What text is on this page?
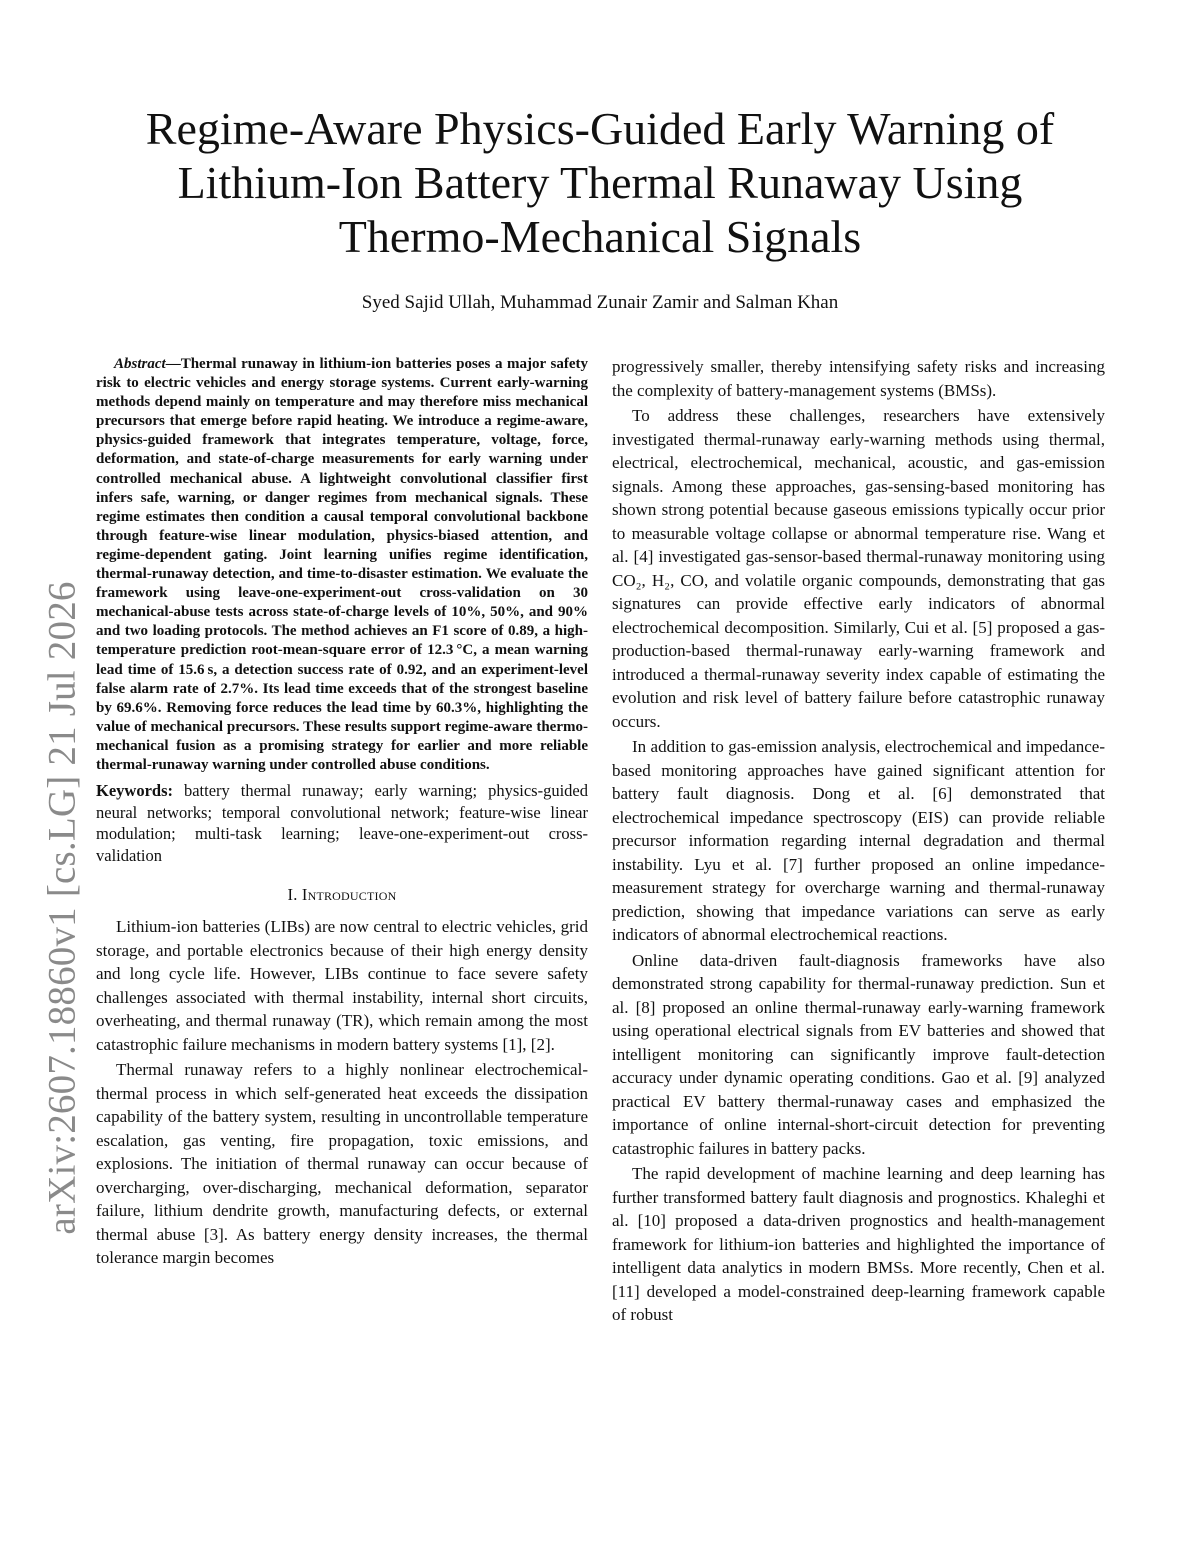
arXiv:2607.18860v1 [cs.LG] 21 Jul 2026
Regime-Aware Physics-Guided Early Warning of
Lithium-Ion Battery Thermal Runaway Using
Thermo-Mechanical Signals
Syed Sajid Ullah, Muhammad Zunair Zamir and Salman Khan

Abstract—Thermal runaway in lithium-ion batteries poses a major safety risk to electric vehicles and energy storage systems. Current early-warning methods depend mainly on temperature and may therefore miss mechanical precursors that emerge before rapid heating. We introduce a regime-aware, physics-guided framework that integrates temperature, voltage, force, deformation, and state-of-charge measurements for early warning under controlled mechanical abuse. A lightweight convolutional classifier first infers safe, warning, or danger regimes from mechanical signals. These regime estimates then condition a causal temporal convolutional backbone through feature-wise linear modulation, physics-biased attention, and regime-dependent gating. Joint learning unifies regime identification, thermal-runaway detection, and time-to-disaster estimation. We evaluate the framework using leave-one-experiment-out cross-validation on 30 mechanical-abuse tests across state-of-charge levels of 10%, 50%, and 90% and two loading protocols. The method achieves an F1 score of 0.89, a high-temperature prediction root-mean-square error of 12.3 °C, a mean warning lead time of 15.6 s, a detection success rate of 0.92, and an experiment-level false alarm rate of 2.7%. Its lead time exceeds that of the strongest baseline by 69.6%. Removing force reduces the lead time by 60.3%, highlighting the value of mechanical precursors. These results support regime-aware thermo-mechanical fusion as a promising strategy for earlier and more reliable thermal-runaway warning under controlled abuse conditions.

Keywords: battery thermal runaway; early warning; physics-guided neural networks; temporal convolutional network; feature-wise linear modulation; multi-task learning; leave-one-experiment-out cross-validation

I. Introduction

Lithium-ion batteries (LIBs) are now central to electric vehicles, grid storage, and portable electronics because of their high energy density and long cycle life. However, LIBs continue to face severe safety challenges associated with thermal instability, internal short circuits, overheating, and thermal runaway (TR), which remain among the most catastrophic failure mechanisms in modern battery systems [1], [2].

Thermal runaway refers to a highly nonlinear electrochemical-thermal process in which self-generated heat exceeds the dissipation capability of the battery system, resulting in uncontrollable temperature escalation, gas venting, fire propagation, toxic emissions, and explosions. The initiation of thermal runaway can occur because of overcharging, over-discharging, mechanical deformation, separator failure, lithium dendrite growth, manufacturing defects, or external thermal abuse [3]. As battery energy density increases, the thermal tolerance margin becomes

progressively smaller, thereby intensifying safety risks and increasing the complexity of battery-management systems (BMSs).

To address these challenges, researchers have extensively investigated thermal-runaway early-warning methods using thermal, electrical, electrochemical, mechanical, acoustic, and gas-emission signals. Among these approaches, gas-sensing-based monitoring has shown strong potential because gaseous emissions typically occur prior to measurable voltage collapse or abnormal temperature rise. Wang et al. [4] investigated gas-sensor-based thermal-runaway monitoring using CO₂, H₂, CO, and volatile organic compounds, demonstrating that gas signatures can provide effective early indicators of abnormal electrochemical decomposition. Similarly, Cui et al. [5] proposed a gas-production-based thermal-runaway early-warning framework and introduced a thermal-runaway severity index capable of estimating the evolution and risk level of battery failure before catastrophic runaway occurs.

In addition to gas-emission analysis, electrochemical and impedance-based monitoring approaches have gained significant attention for battery fault diagnosis. Dong et al. [6] demonstrated that electrochemical impedance spectroscopy (EIS) can provide reliable precursor information regarding internal degradation and thermal instability. Lyu et al. [7] further proposed an online impedance-measurement strategy for overcharge warning and thermal-runaway prediction, showing that impedance variations can serve as early indicators of abnormal electrochemical reactions.

Online data-driven fault-diagnosis frameworks have also demonstrated strong capability for thermal-runaway prediction. Sun et al. [8] proposed an online thermal-runaway early-warning framework using operational electrical signals from EV batteries and showed that intelligent monitoring can significantly improve fault-detection accuracy under dynamic operating conditions. Gao et al. [9] analyzed practical EV battery thermal-runaway cases and emphasized the importance of online internal-short-circuit detection for preventing catastrophic failures in battery packs.

The rapid development of machine learning and deep learning has further transformed battery fault diagnosis and prognostics. Khaleghi et al. [10] proposed a data-driven prognostics and health-management framework for lithium-ion batteries and highlighted the importance of intelligent data analytics in modern BMSs. More recently, Chen et al. [11] developed a model-constrained deep-learning framework capable of robust
